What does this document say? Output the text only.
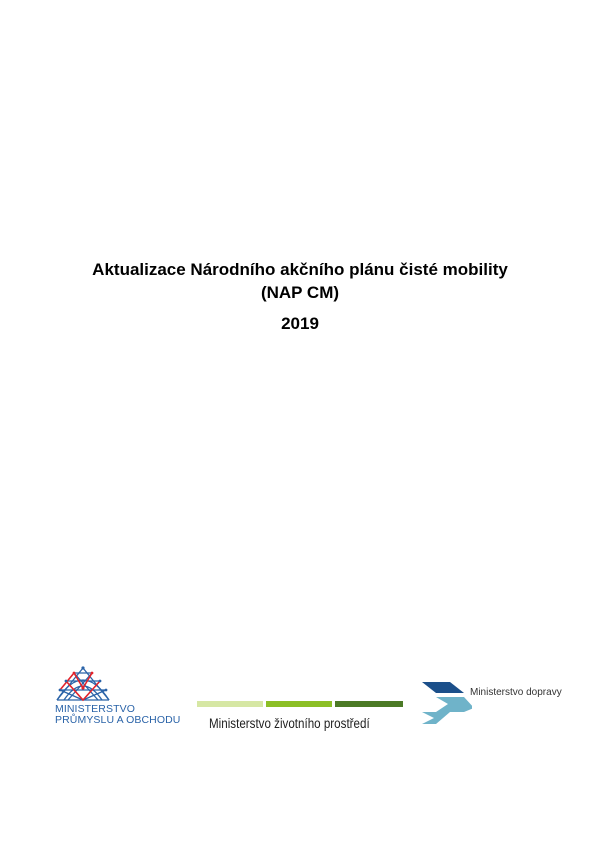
Aktualizace Národního akčního plánu čisté mobility

(NAP CM)

2019

MINISTERSTVO
PRŮMYSLU A OBCHODU Ministerstvo životního prostředí
Ministerstvo dopravy
